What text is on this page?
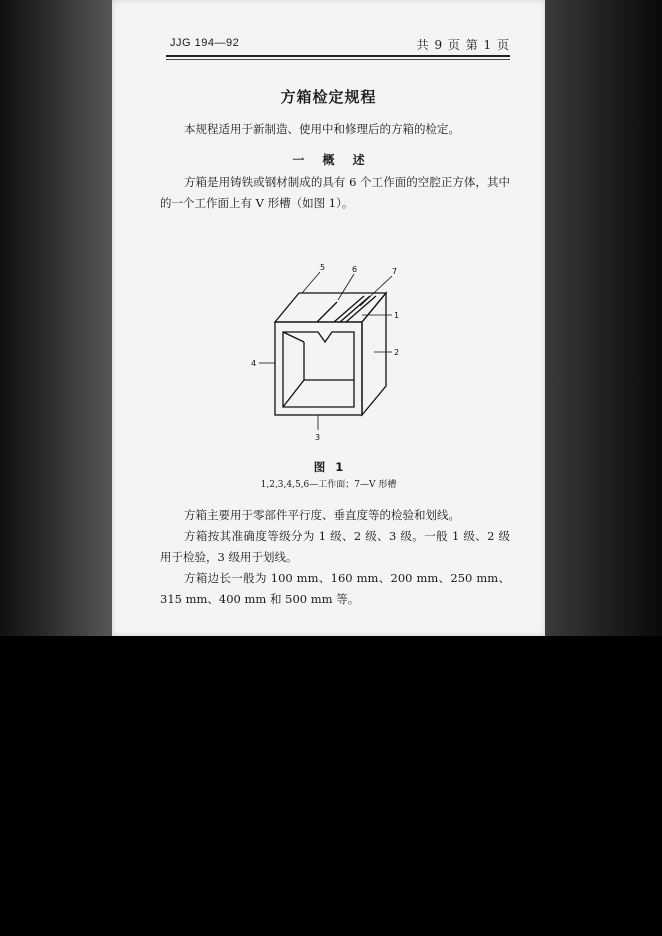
JJG 194—92	共 9 页 第 1 页
方箱检定规程

本规程适用于新制造、使用中和修理后的方箱的检定。

一 概 述

方箱是用铸铁或钢材制成的具有 6 个工作面的空腔正方体，其中的一个工作面上有 V 形槽（如图 1）。

5	6	7
1
2
4
3
图 1
1,2,3,4,5,6—工作面；7—V 形槽

方箱主要用于零部件平行度、垂直度等的检验和划线。

方箱按其准确度等级分为 1 级、2 级、3 级。一般 1 级、2 级用于检验，3 级用于划线。

方箱边长一般为 100 mm、160 mm、200 mm、250 mm、315 mm、400 mm 和 500 mm 等。
